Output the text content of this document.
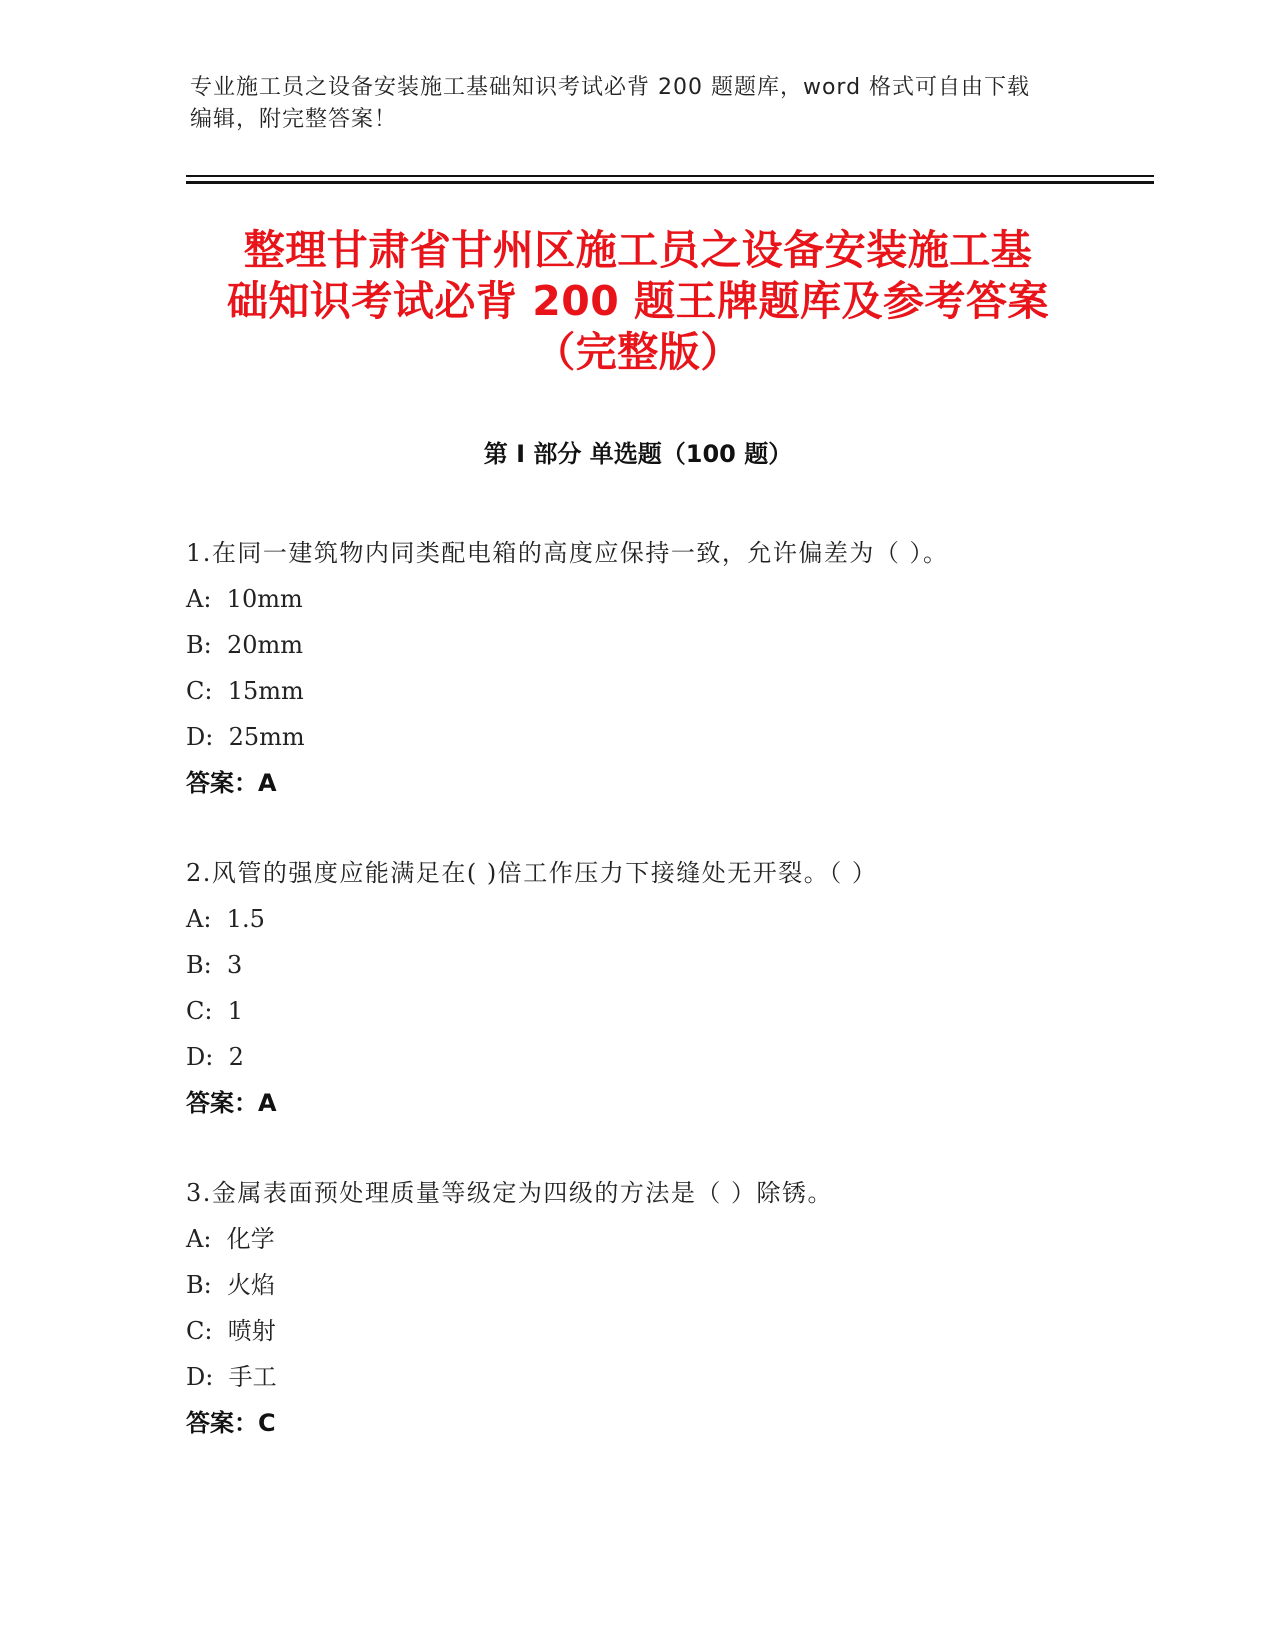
专业施工员之设备安装施工基础知识考试必背 200 题题库，word 格式可自由下载
编辑，附完整答案！
整理甘肃省甘州区施工员之设备安装施工基
础知识考试必背 200 题王牌题库及参考答案
（完整版）
第 I 部分 单选题（100 题）

1.在同一建筑物内同类配电箱的高度应保持一致，允许偏差为（ ）。

A:  10mm

B:  20mm

C:  15mm

D:  25mm

答案：A

2.风管的强度应能满足在( )倍工作压力下接缝处无开裂。（ ）

A:  1.5

B:  3

C:  1

D:  2

答案：A

3.金属表面预处理质量等级定为四级的方法是（ ）除锈。

A:  化学

B:  火焰

C:  喷射

D:  手工

答案：C
